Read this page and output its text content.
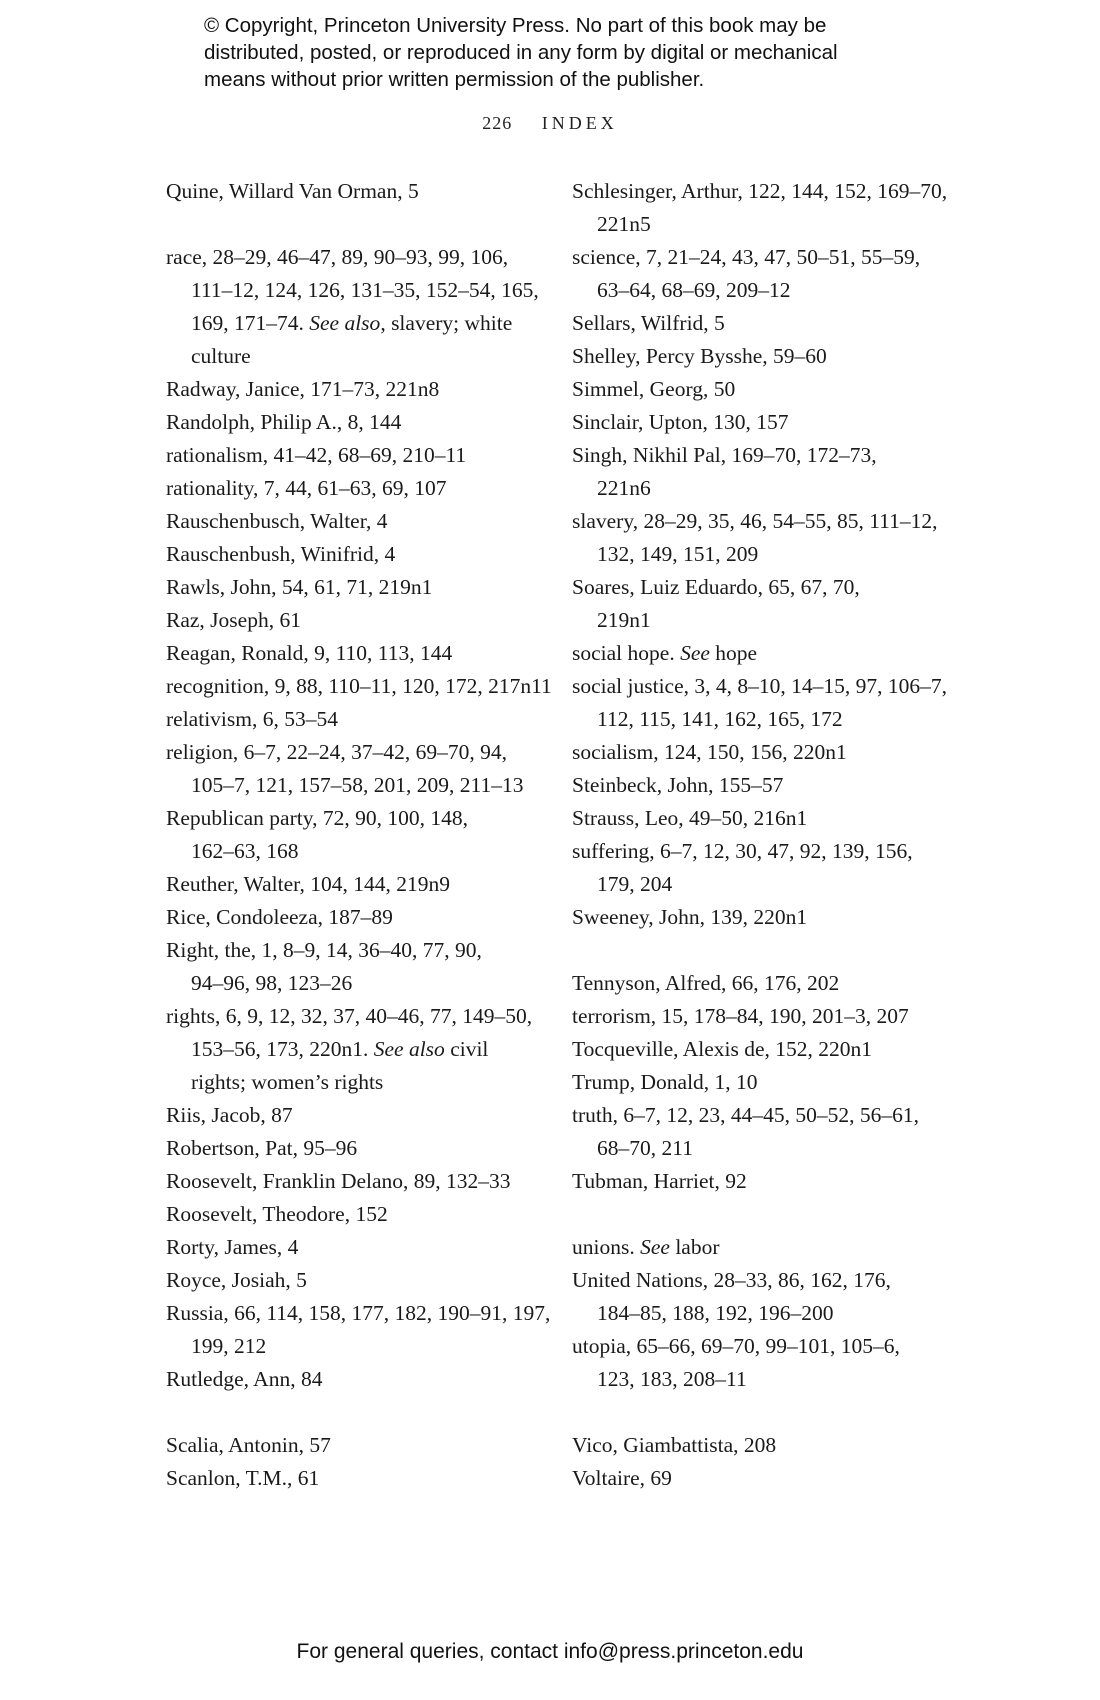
© Copyright, Princeton University Press. No part of this book may be
distributed, posted, or reproduced in any form by digital or mechanical
means without prior written permission of the publisher.
226 INDEX
Quine, Willard Van Orman, 5
race, 28–29, 46–47, 89, 90–93, 99, 106,
111–12, 124, 126, 131–35, 152–54, 165,
169, 171–74. See also, slavery; white
culture
Radway, Janice, 171–73, 221n8
Randolph, Philip A., 8, 144
rationalism, 41–42, 68–69, 210–11
rationality, 7, 44, 61–63, 69, 107
Rauschenbusch, Walter, 4
Rauschenbush, Winifrid, 4
Rawls, John, 54, 61, 71, 219n1
Raz, Joseph, 61
Reagan, Ronald, 9, 110, 113, 144
recognition, 9, 88, 110–11, 120, 172, 217n11
relativism, 6, 53–54
religion, 6–7, 22–24, 37–42, 69–70, 94,
105–7, 121, 157–58, 201, 209, 211–13
Republican party, 72, 90, 100, 148,
162–63, 168
Reuther, Walter, 104, 144, 219n9
Rice, Condoleeza, 187–89
Right, the, 1, 8–9, 14, 36–40, 77, 90,
94–96, 98, 123–26
rights, 6, 9, 12, 32, 37, 40–46, 77, 149–50,
153–56, 173, 220n1. See also civil
rights; women’s rights
Riis, Jacob, 87
Robertson, Pat, 95–96
Roosevelt, Franklin Delano, 89, 132–33
Roosevelt, Theodore, 152
Rorty, James, 4
Royce, Josiah, 5
Russia, 66, 114, 158, 177, 182, 190–91, 197,
199, 212
Rutledge, Ann, 84
Scalia, Antonin, 57
Scanlon, T.M., 61
Schlesinger, Arthur, 122, 144, 152, 169–70,
221n5
science, 7, 21–24, 43, 47, 50–51, 55–59,
63–64, 68–69, 209–12
Sellars, Wilfrid, 5
Shelley, Percy Bysshe, 59–60
Simmel, Georg, 50
Sinclair, Upton, 130, 157
Singh, Nikhil Pal, 169–70, 172–73,
221n6
slavery, 28–29, 35, 46, 54–55, 85, 111–12,
132, 149, 151, 209
Soares, Luiz Eduardo, 65, 67, 70,
219n1
social hope. See hope
social justice, 3, 4, 8–10, 14–15, 97, 106–7,
112, 115, 141, 162, 165, 172
socialism, 124, 150, 156, 220n1
Steinbeck, John, 155–57
Strauss, Leo, 49–50, 216n1
suffering, 6–7, 12, 30, 47, 92, 139, 156,
179, 204
Sweeney, John, 139, 220n1
Tennyson, Alfred, 66, 176, 202
terrorism, 15, 178–84, 190, 201–3, 207
Tocqueville, Alexis de, 152, 220n1
Trump, Donald, 1, 10
truth, 6–7, 12, 23, 44–45, 50–52, 56–61,
68–70, 211
Tubman, Harriet, 92
unions. See labor
United Nations, 28–33, 86, 162, 176,
184–85, 188, 192, 196–200
utopia, 65–66, 69–70, 99–101, 105–6,
123, 183, 208–11
Vico, Giambattista, 208
Voltaire, 69
For general queries, contact info@press.princeton.edu
